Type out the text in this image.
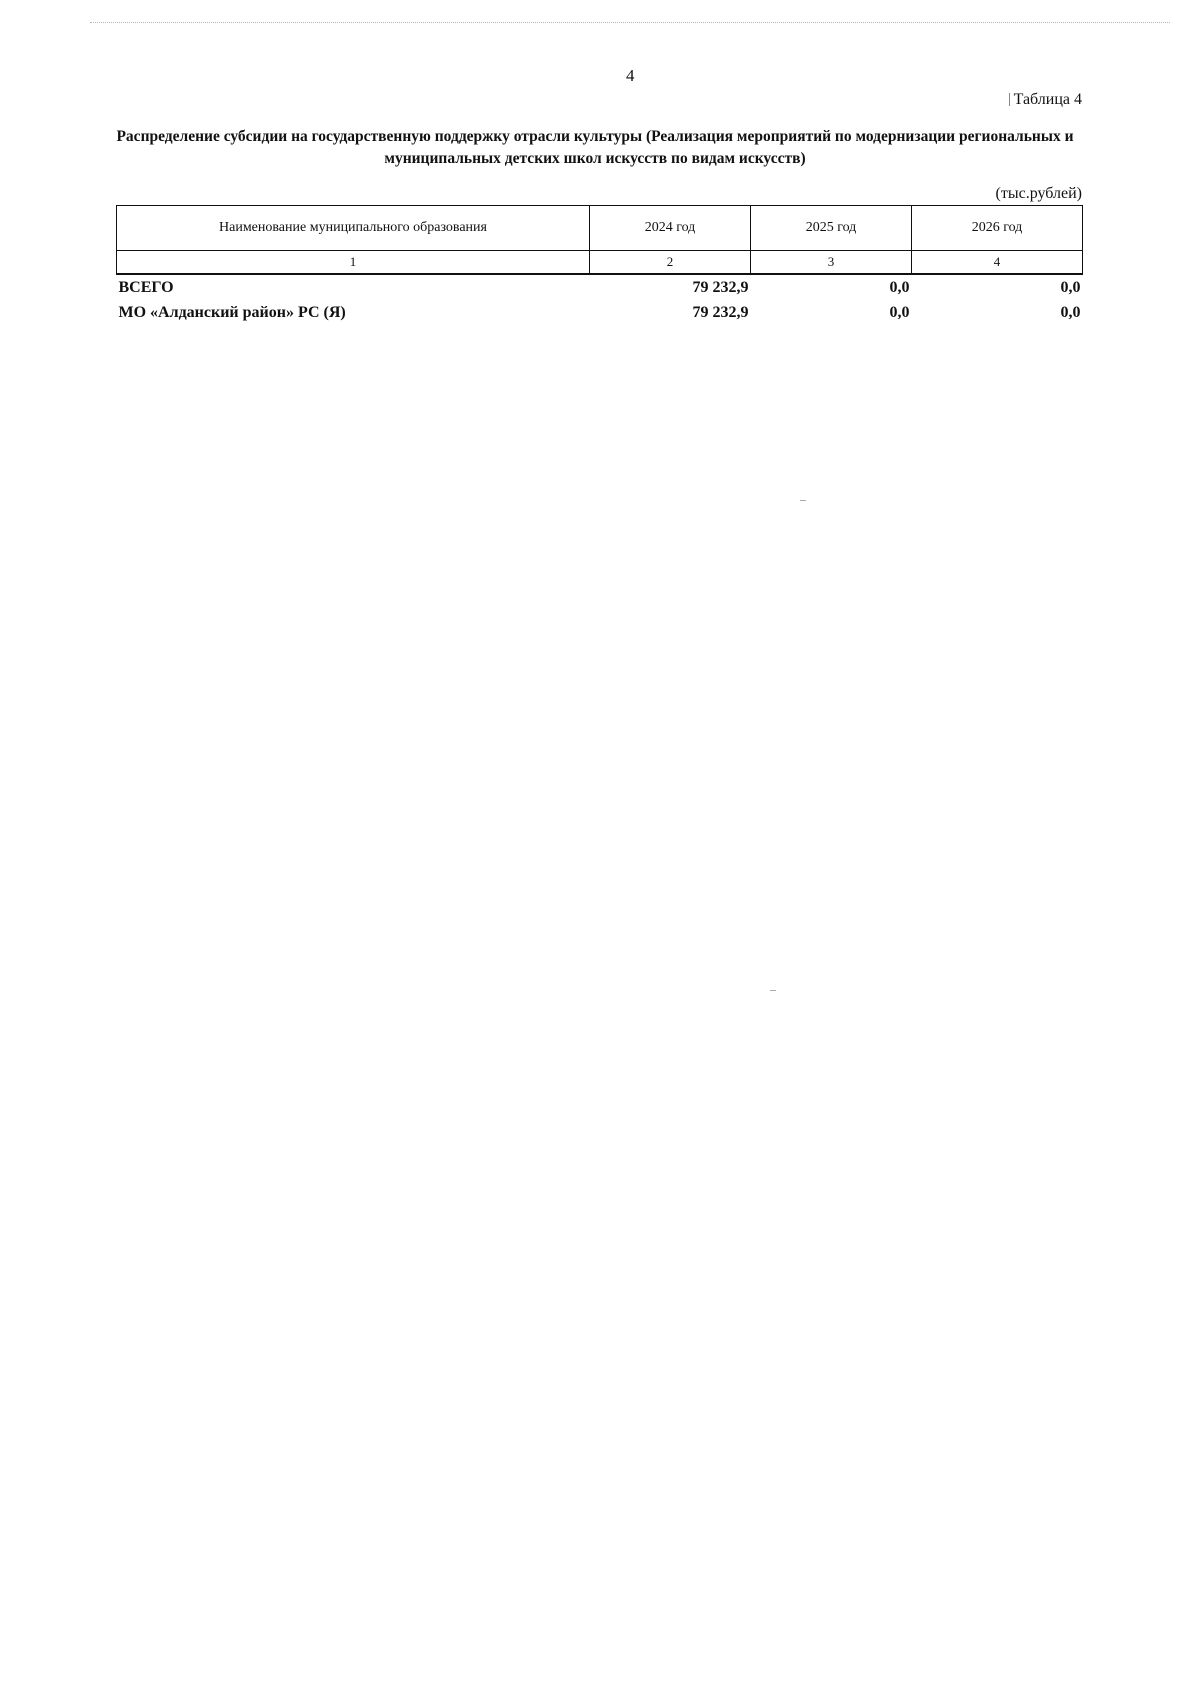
4
Таблица 4
Распределение субсидии на государственную поддержку отрасли культуры (Реализация мероприятий по модернизации региональных и муниципальных детских школ искусств по видам искусств)
(тыс.рублей)
Наименование муниципального образования	2024 год	2025 год	2026 год
1	2	3	4
ВСЕГО	79 232,9	0,0	0,0
МО «Алданский район» РС (Я)	79 232,9	0,0	0,0
